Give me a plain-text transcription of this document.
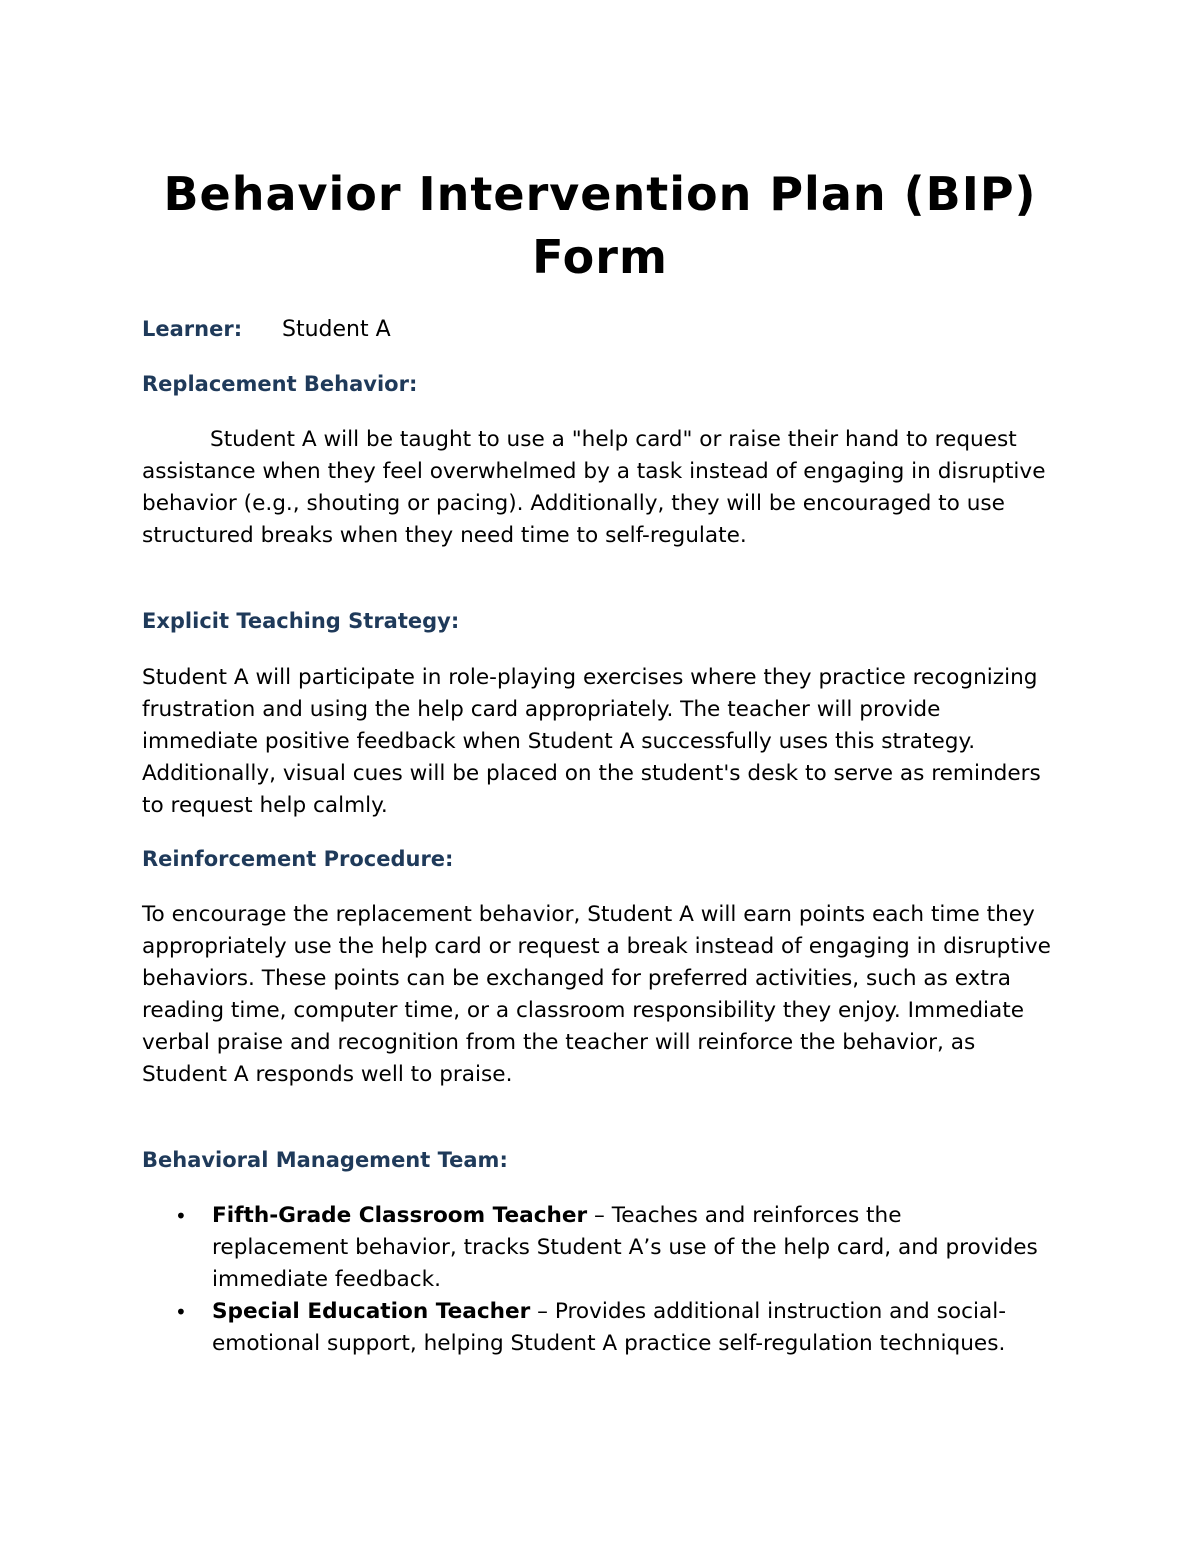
Behavior Intervention Plan (BIP) Form
Learner: Student A
Replacement Behavior:

Student A will be taught to use a "help card" or raise their hand to request assistance when they feel overwhelmed by a task instead of engaging in disruptive behavior (e.g., shouting or pacing). Additionally, they will be encouraged to use structured breaks when they need time to self-regulate.

Explicit Teaching Strategy:

Student A will participate in role-playing exercises where they practice recognizing frustration and using the help card appropriately. The teacher will provide immediate positive feedback when Student A successfully uses this strategy. Additionally, visual cues will be placed on the student's desk to serve as reminders to request help calmly.

Reinforcement Procedure:

To encourage the replacement behavior, Student A will earn points each time they appropriately use the help card or request a break instead of engaging in disruptive behaviors. These points can be exchanged for preferred activities, such as extra reading time, computer time, or a classroom responsibility they enjoy. Immediate verbal praise and recognition from the teacher will reinforce the behavior, as Student A responds well to praise.

Behavioral Management Team:
• Fifth-Grade Classroom Teacher – Teaches and reinforces the replacement behavior, tracks Student A’s use of the help card, and provides immediate feedback.
• Special Education Teacher – Provides additional instruction and social-emotional support, helping Student A practice self-regulation techniques.
